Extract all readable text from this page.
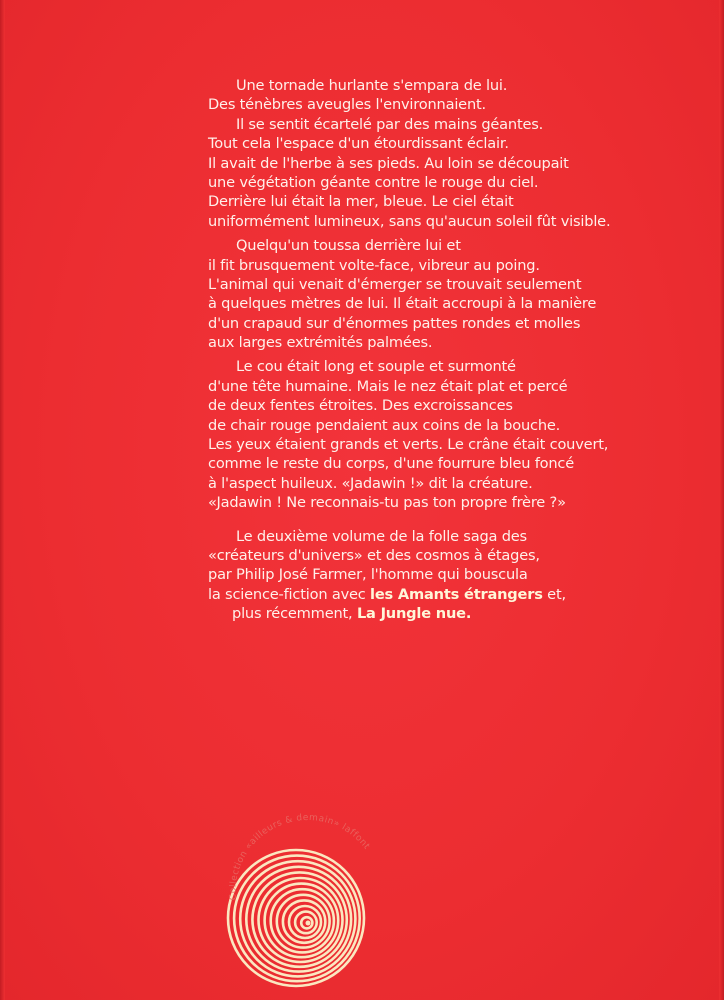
Une tornade hurlante s'empara de lui.
Des ténèbres aveugles l'environnaient.
Il se sentit écartelé par des mains géantes.
Tout cela l'espace d'un étourdissant éclair.
Il avait de l'herbe à ses pieds. Au loin se découpait
une végétation géante contre le rouge du ciel.
Derrière lui était la mer, bleue. Le ciel était
uniformément lumineux, sans qu'aucun soleil fût visible.
Quelqu'un toussa derrière lui et
il fit brusquement volte-face, vibreur au poing.
L'animal qui venait d'émerger se trouvait seulement
à quelques mètres de lui. Il était accroupi à la manière
d'un crapaud sur d'énormes pattes rondes et molles
aux larges extrémités palmées.
Le cou était long et souple et surmonté
d'une tête humaine. Mais le nez était plat et percé
de deux fentes étroites. Des excroissances
de chair rouge pendaient aux coins de la bouche.
Les yeux étaient grands et verts. Le crâne était couvert,
comme le reste du corps, d'une fourrure bleu foncé
à l'aspect huileux. «Jadawin !» dit la créature.
«Jadawin ! Ne reconnais-tu pas ton propre frère ?»
Le deuxième volume de la folle saga des
«créateurs d'univers» et des cosmos à étages,
par Philip José Farmer, l'homme qui bouscula
la science-fiction avec les Amants étrangers et,
plus récemment, La Jungle nue.
Collection «ailleurs & demain» laffont
